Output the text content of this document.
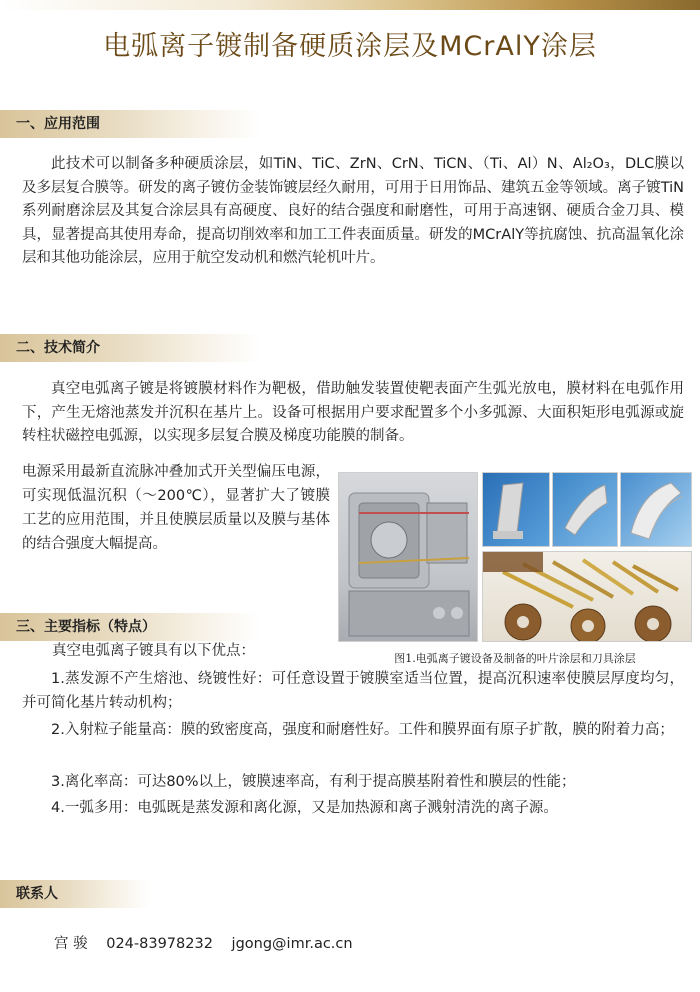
电弧离子镀制备硬质涂层及MCrAlY涂层
一、应用范围
此技术可以制备多种硬质涂层，如TiN、TiC、ZrN、CrN、TiCN、（Ti、Al）N、Al₂O₃，DLC膜以及多层复合膜等。研发的离子镀仿金装饰镀层经久耐用，可用于日用饰品、建筑五金等领域。离子镀TiN系列耐磨涂层及其复合涂层具有高硬度、良好的结合强度和耐磨性，可用于高速钢、硬质合金刀具、模具，显著提高其使用寿命，提高切削效率和加工工件表面质量。研发的MCrAlY等抗腐蚀、抗高温氧化涂层和其他功能涂层，应用于航空发动机和燃汽轮机叶片。
二、技术简介
真空电弧离子镀是将镀膜材料作为靶极，借助触发装置使靶表面产生弧光放电，膜材料在电弧作用下，产生无熔池蒸发并沉积在基片上。设备可根据用户要求配置多个小多弧源、大面积矩形电弧源或旋转柱状磁控电弧源，以实现多层复合膜及梯度功能膜的制备。
电源采用最新直流脉冲叠加式开关型偏压电源，可实现低温沉积（～200℃），显著扩大了镀膜工艺的应用范围，并且使膜层质量以及膜与基体的结合强度大幅提高。
图1.电弧离子镀设备及制备的叶片涂层和刀具涂层
三、主要指标（特点）
真空电弧离子镀具有以下优点：
1.蒸发源不产生熔池、绕镀性好：可任意设置于镀膜室适当位置，提高沉积速率使膜层厚度均匀，并可简化基片转动机构；
2.入射粒子能量高：膜的致密度高，强度和耐磨性好。工件和膜界面有原子扩散，膜的附着力高；
3.离化率高：可达80%以上，镀膜速率高，有利于提高膜基附着性和膜层的性能；
4.一弧多用：电弧既是蒸发源和离化源，又是加热源和离子溅射清洗的离子源。
联系人
宫 骏 024-83978232 jgong@imr.ac.cn
